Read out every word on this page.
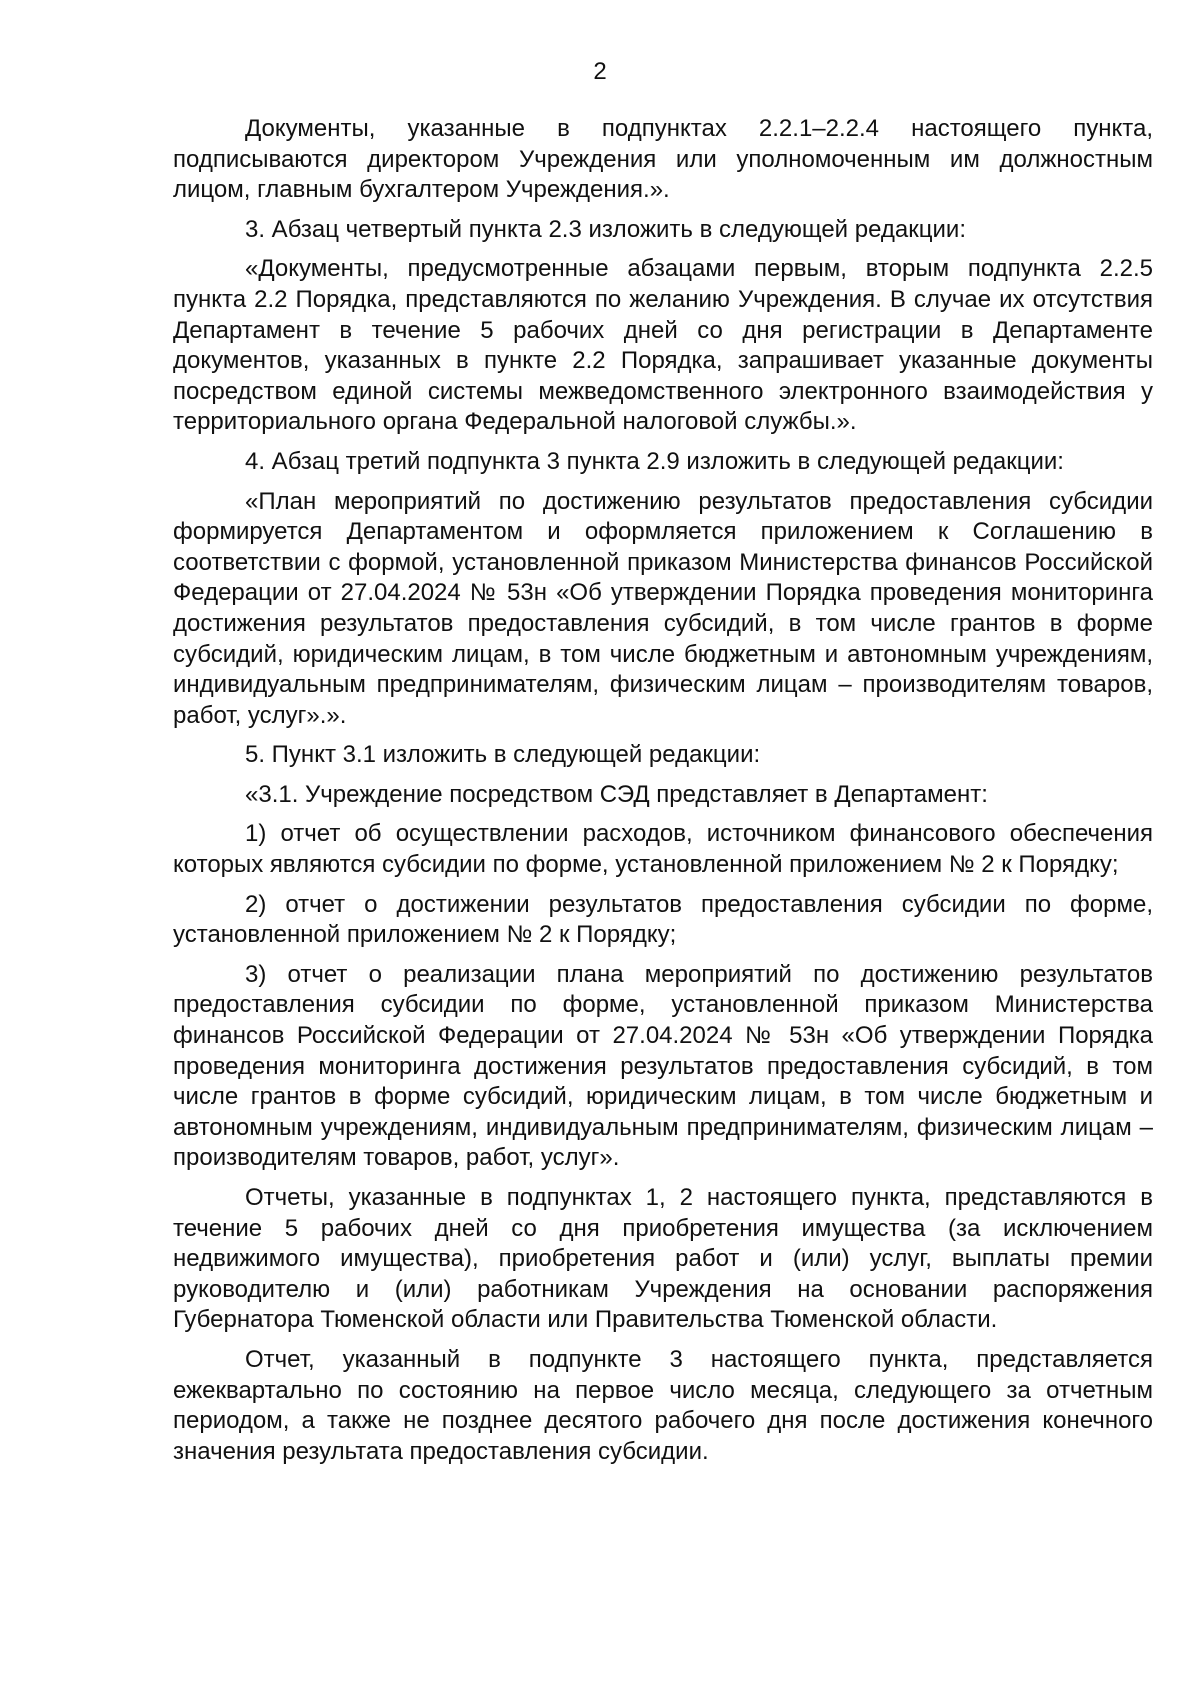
2

Документы, указанные в подпунктах 2.2.1–2.2.4 настоящего пункта, подписываются директором Учреждения или уполномоченным им должностным лицом, главным бухгалтером Учреждения.».

3. Абзац четвертый пункта 2.3 изложить в следующей редакции:

«Документы, предусмотренные абзацами первым, вторым подпункта 2.2.5 пункта 2.2 Порядка, представляются по желанию Учреждения. В случае их отсутствия Департамент в течение 5 рабочих дней со дня регистрации в Департаменте документов, указанных в пункте 2.2 Порядка, запрашивает указанные документы посредством единой системы межведомственного электронного взаимодействия у территориального органа Федеральной налоговой службы.».

4. Абзац третий подпункта 3 пункта 2.9 изложить в следующей редакции:

«План мероприятий по достижению результатов предоставления субсидии формируется Департаментом и оформляется приложением к Соглашению в соответствии с формой, установленной приказом Министерства финансов Российской Федерации от 27.04.2024 № 53н «Об утверждении Порядка проведения мониторинга достижения результатов предоставления субсидий, в том числе грантов в форме субсидий, юридическим лицам, в том числе бюджетным и автономным учреждениям, индивидуальным предпринимателям, физическим лицам – производителям товаров, работ, услуг».».

5. Пункт 3.1 изложить в следующей редакции:

«3.1. Учреждение посредством СЭД представляет в Департамент:

1) отчет об осуществлении расходов, источником финансового обеспечения которых являются субсидии по форме, установленной приложением № 2 к Порядку;

2) отчет о достижении результатов предоставления субсидии по форме, установленной приложением № 2 к Порядку;

3) отчет о реализации плана мероприятий по достижению результатов предоставления субсидии по форме, установленной приказом Министерства финансов Российской Федерации от 27.04.2024 № 53н «Об утверждении Порядка проведения мониторинга достижения результатов предоставления субсидий, в том числе грантов в форме субсидий, юридическим лицам, в том числе бюджетным и автономным учреждениям, индивидуальным предпринимателям, физическим лицам – производителям товаров, работ, услуг».

Отчеты, указанные в подпунктах 1, 2 настоящего пункта, представляются в течение 5 рабочих дней со дня приобретения имущества (за исключением недвижимого имущества), приобретения работ и (или) услуг, выплаты премии руководителю и (или) работникам Учреждения на основании распоряжения Губернатора Тюменской области или Правительства Тюменской области.

Отчет, указанный в подпункте 3 настоящего пункта, представляется ежеквартально по состоянию на первое число месяца, следующего за отчетным периодом, а также не позднее десятого рабочего дня после достижения конечного значения результата предоставления субсидии.
